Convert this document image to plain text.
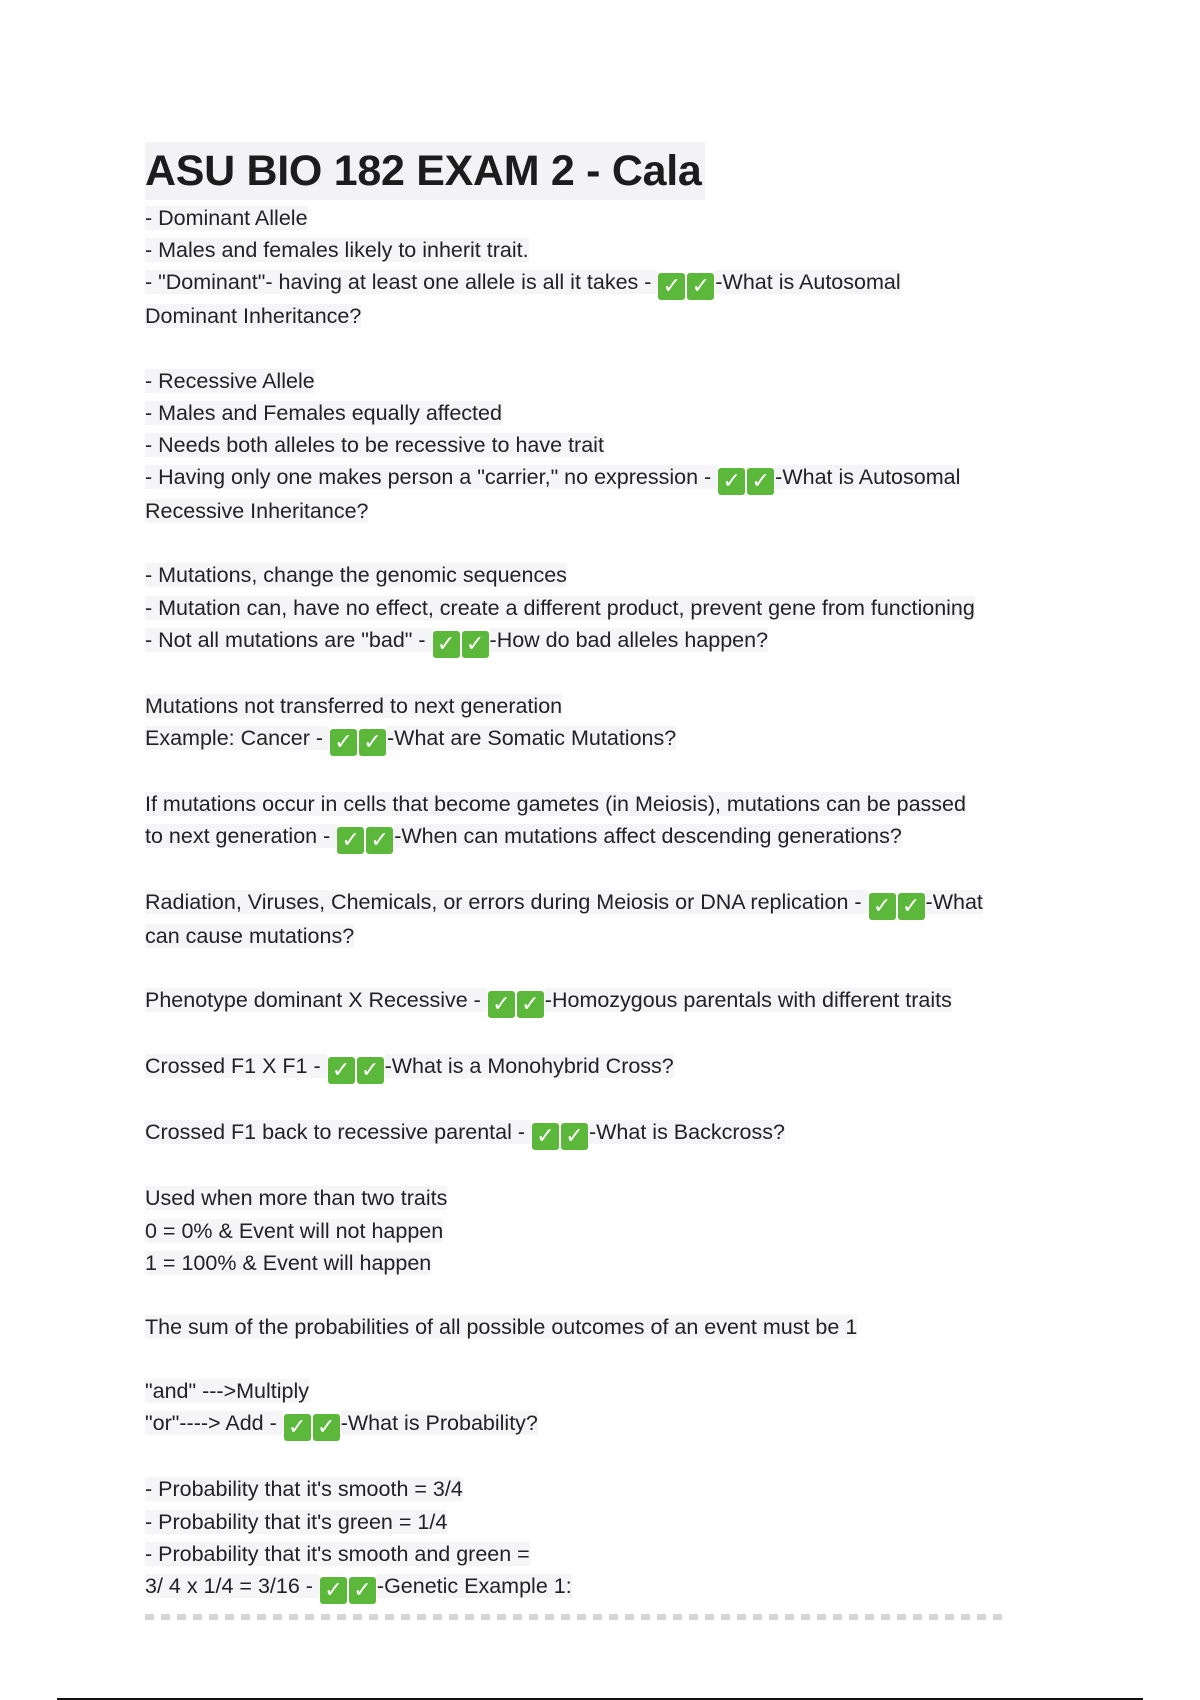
ASU BIO 182 EXAM 2 - Cala
- Dominant Allele
- Males and females likely to inherit trait.
- "Dominant"- having at least one allele is all it takes - ✓ ✓ -What is Autosomal
Dominant Inheritance?
- Recessive Allele
- Males and Females equally affected
- Needs both alleles to be recessive to have trait
- Having only one makes person a "carrier," no expression - ✓ ✓ -What is Autosomal
Recessive Inheritance?
- Mutations, change the genomic sequences
- Mutation can, have no effect, create a different product, prevent gene from functioning
- Not all mutations are "bad" - ✓ ✓ -How do bad alleles happen?
Mutations not transferred to next generation
Example: Cancer - ✓ ✓ -What are Somatic Mutations?
If mutations occur in cells that become gametes (in Meiosis), mutations can be passed
to next generation - ✓ ✓ -When can mutations affect descending generations?
Radiation, Viruses, Chemicals, or errors during Meiosis or DNA replication - ✓ ✓ -What
can cause mutations?
Phenotype dominant X Recessive - ✓ ✓ -Homozygous parentals with different traits
Crossed F1 X F1 - ✓ ✓ -What is a Monohybrid Cross?
Crossed F1 back to recessive parental - ✓ ✓ -What is Backcross?
Used when more than two traits
0 = 0% & Event will not happen
1 = 100% & Event will happen
The sum of the probabilities of all possible outcomes of an event must be 1
"and" --->Multiply
"or"----> Add - ✓ ✓ -What is Probability?
- Probability that it's smooth = 3/4
- Probability that it's green = 1/4
- Probability that it's smooth and green =
3/ 4 x 1/4 = 3/16 - ✓ ✓ -Genetic Example 1:
